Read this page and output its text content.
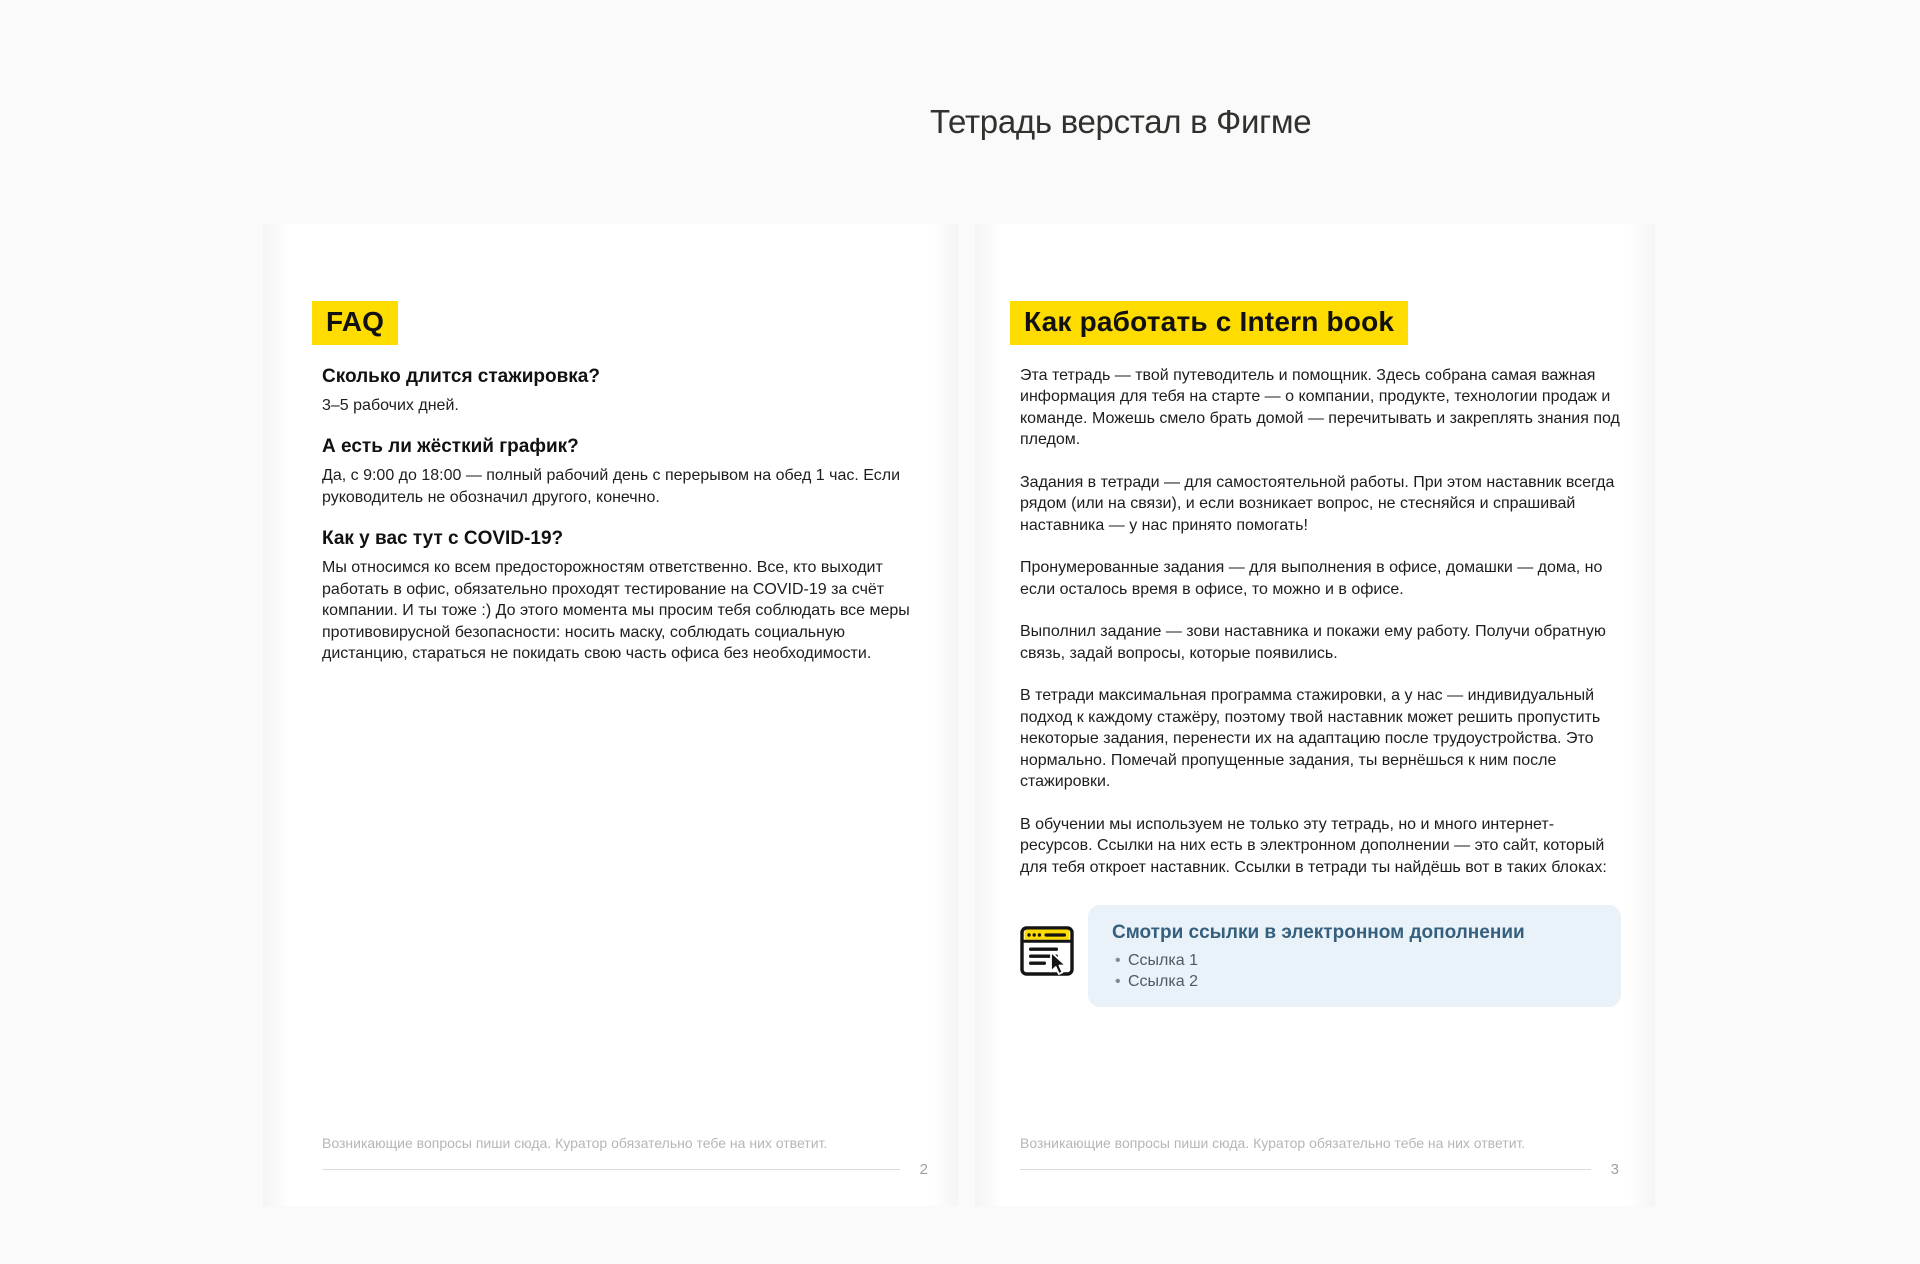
Тетрадь верстал в Фигме
FAQ
Сколько длится стажировка?

3–5 рабочих дней.

А есть ли жёсткий график?

Да, с 9:00 до 18:00 — полный рабочий день с перерывом на обед 1 час. Если руководитель не обозначил другого, конечно.

Как у вас тут с COVID-19?

Мы относимся ко всем предосторожностям ответственно. Все, кто выходит работать в офис, обязательно проходят тестирование на COVID-19 за счёт компании. И ты тоже :) До этого момента мы просим тебя соблюдать все меры противовирусной безопасности: носить маску, соблюдать социальную дистанцию, стараться не покидать свою часть офиса без необходимости.

Возникающие вопросы пиши сюда. Куратор обязательно тебе на них ответит.

2
Как работать с Intern book

Эта тетрадь — твой путеводитель и помощник. Здесь собрана самая важная информация для тебя на старте — о компании, продукте, технологии продаж и команде. Можешь смело брать домой — перечитывать и закреплять знания под пледом.

Задания в тетради — для самостоятельной работы. При этом наставник всегда рядом (или на связи), и если возникает вопрос, не стесняйся и спрашивай наставника — у нас принято помогать!

Пронумерованные задания — для выполнения в офисе, домашки — дома, но если осталось время в офисе, то можно и в офисе.

Выполнил задание — зови наставника и покажи ему работу. Получи обратную связь, задай вопросы, которые появились.

В тетради максимальная программа стажировки, а у нас — индивидуальный подход к каждому стажёру, поэтому твой наставник может решить пропустить некоторые задания, перенести их на адаптацию после трудоустройства. Это нормально. Помечай пропущенные задания, ты вернёшься к ним после стажировки.

В обучении мы используем не только эту тетрадь, но и много интернет-ресурсов. Ссылки на них есть в электронном дополнении — это сайт, который для тебя откроет наставник. Ссылки в тетради ты найдёшь вот в таких блоках:

Смотри ссылки в электронном дополнении
• Ссылка 1
• Ссылка 2

Возникающие вопросы пиши сюда. Куратор обязательно тебе на них ответит.

3
